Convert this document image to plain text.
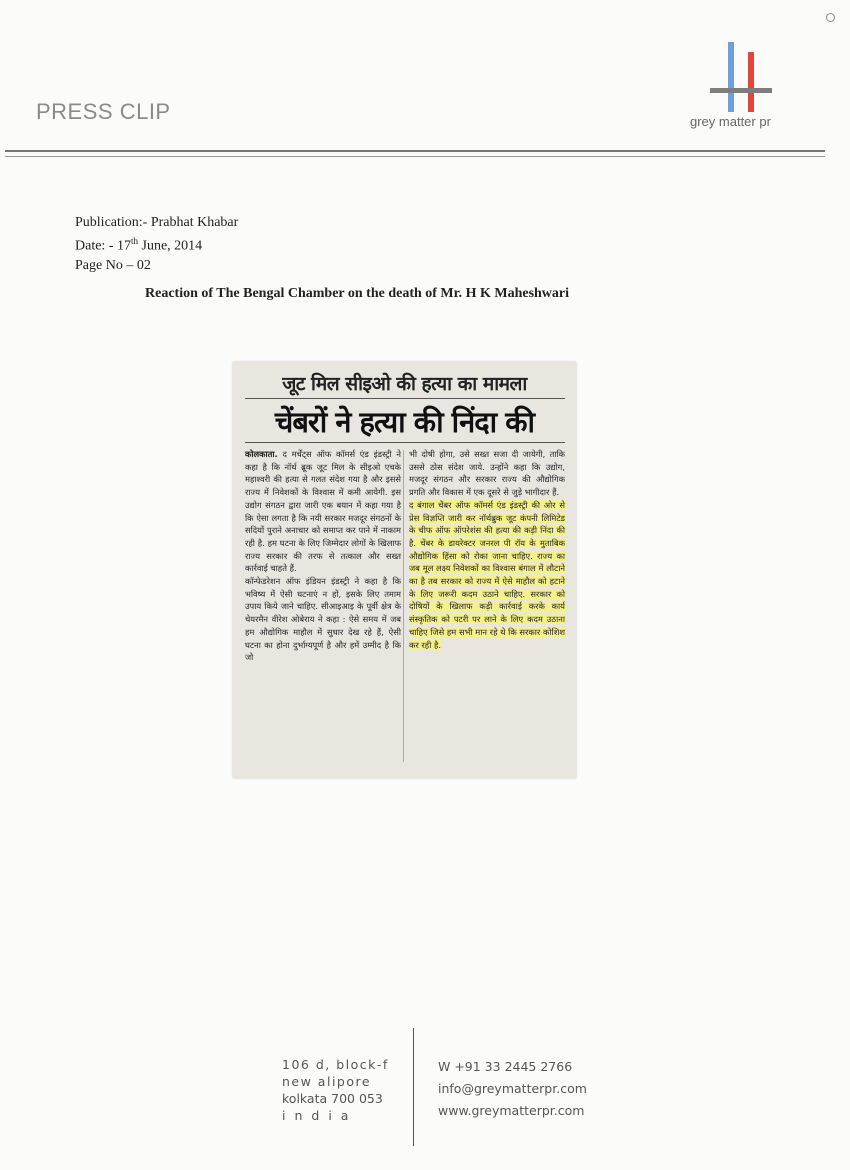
PRESS CLIP	grey matter pr
Publication:- Prabhat Khabar
Date: - 17th June, 2014
Page No – 02
Reaction of The Bengal Chamber on the death of Mr. H K Maheshwari
जूट मिल सीइओ की हत्या का मामला
चेंबरों ने हत्या की निंदा की

कोलकाता. द मर्चेंट्स ऑफ कॉमर्स एंड इंडस्ट्री ने कहा है कि नॉर्थ ब्रूक जूट मिल के सीइओ एचके महाश्वरी की हत्या से गलत संदेश गया है और इससे राज्य में निवेशकों के विश्वास में कमी आयेगी. इस उद्योग संगठन द्वारा जारी एक बयान में कहा गया है कि ऐसा लगता है कि नयी सरकार मजदूर संगठनों के सदियों पुराने अनाचार को समाप्त कर पाने में नाकाम रही है. हम घटना के लिए जिम्मेदार लोगों के खिलाफ राज्य सरकार की तरफ से तत्काल और सख्त कार्रवाई चाहते हैं.

कॉन्फेडरेशन ऑफ इंडियन इंडस्ट्री ने कहा है कि भविष्य में ऐसी घटनाएं न हों, इसके लिए तमाम उपाय किये जाने चाहिए. सीआइआइ के पूर्वी क्षेत्र के चेयरमैन वीरेश ओबेराय ने कहा : ऐसे समय में जब हम औद्योगिक माहौल में सुधार देख रहे हैं, ऐसी घटना का होना दुर्भाग्यपूर्ण है और हमें उम्मीद है कि जो

भी दोषी होगा, उसे सख्त सजा दी जायेगी, ताकि उससे ठोस संदेश जाये. उन्होंने कहा कि उद्योग, मजदूर संगठन और सरकार राज्य की औद्योगिक प्रगति और विकास में एक दूसरे से जुड़े भागीदार हैं.

द बंगाल चेंबर ऑफ कॉमर्स एंड इंडस्ट्री की ओर से प्रेस विज्ञप्ति जारी कर नॉर्थब्रुक जूट कंपनी लिमिटेड के चीफ ऑफ ऑपरेशंस की हत्या की कड़ी निंदा की है. चेंबर के डायरेक्टर जनरल पी रॉय के मुताबिक औद्योगिक हिंसा को रोका जाना चाहिए. राज्य का जब मूल लक्ष्य निवेशकों का विश्वास बंगाल में लौटाने का है तब सरकार को राज्य में ऐसे माहौल को हटाने के लिए जरूरी कदम उठाने चाहिए. सरकार को दोषियों के खिलाफ कड़ी कार्रवाई करके कार्य संस्कृतिक को पटरी पर लाने के लिए कदम उठाना चाहिए जिसे हम सभी मान रहे थे कि सरकार कोशिश कर रही है.

106 d, block-f
new alipore
kolkata 700 053
india
W +91 33 2445 2766
info@greymatterpr.com
www.greymatterpr.com
